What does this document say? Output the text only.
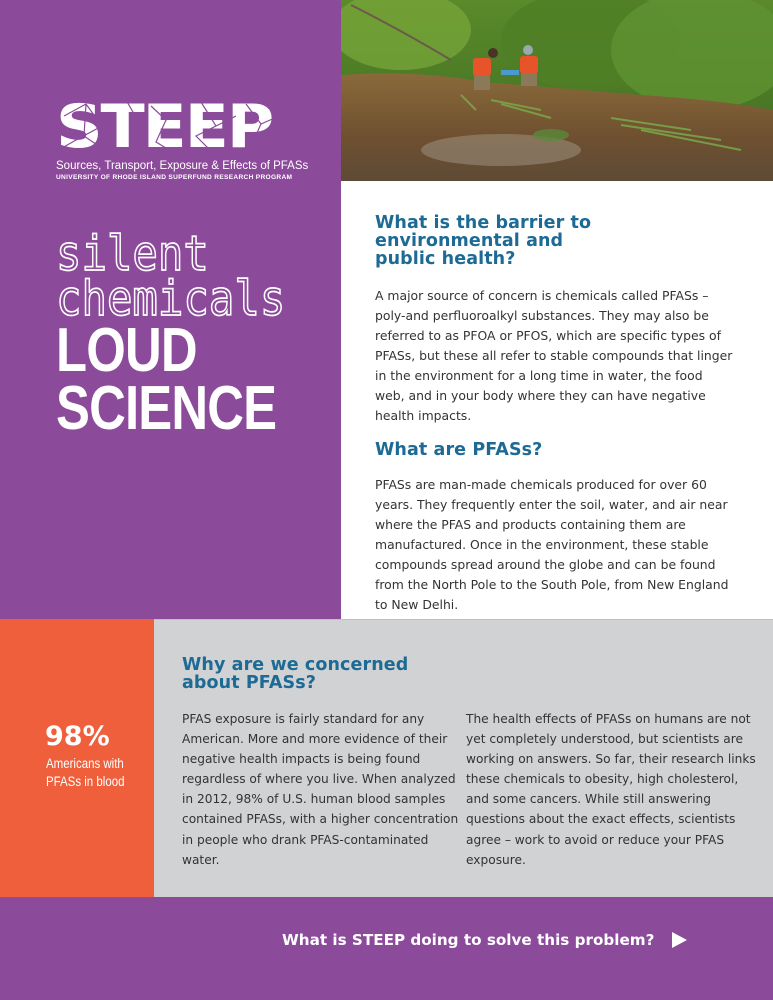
STEEP
Sources, Transport, Exposure & Effects of PFASs
UNIVERSITY OF RHODE ISLAND SUPERFUND RESEARCH PROGRAM
silent
chemicals
LOUD
SCIENCE
What is the barrier to
environmental and
public health?

A major source of concern is chemicals called PFASs – poly-and perfluoroalkyl substances. They may also be referred to as PFOA or PFOS, which are specific types of PFASs, but these all refer to stable compounds that linger in the environment for a long time in water, the food web, and in your body where they can have negative health impacts.

What are PFASs?

PFASs are man-made chemicals produced for over 60 years. They frequently enter the soil, water, and air near where the PFAS and products containing them are manufactured. Once in the environment, these stable compounds spread around the globe and can be found from the North Pole to the South Pole, from New England to New Delhi.

98%
Americans with
PFASs in blood
Why are we concerned
about PFASs?

PFAS exposure is fairly standard for any American. More and more evidence of their negative health impacts is being found regardless of where you live. When analyzed in 2012, 98% of U.S. human blood samples contained PFASs, with a higher concentration in people who drank PFAS-contaminated water.

The health effects of PFASs on humans are not yet completely understood, but scientists are working on answers. So far, their research links these chemicals to obesity, high cholesterol, and some cancers. While still answering questions about the exact effects, scientists agree – work to avoid or reduce your PFAS exposure.

What is STEEP doing to solve this problem?
